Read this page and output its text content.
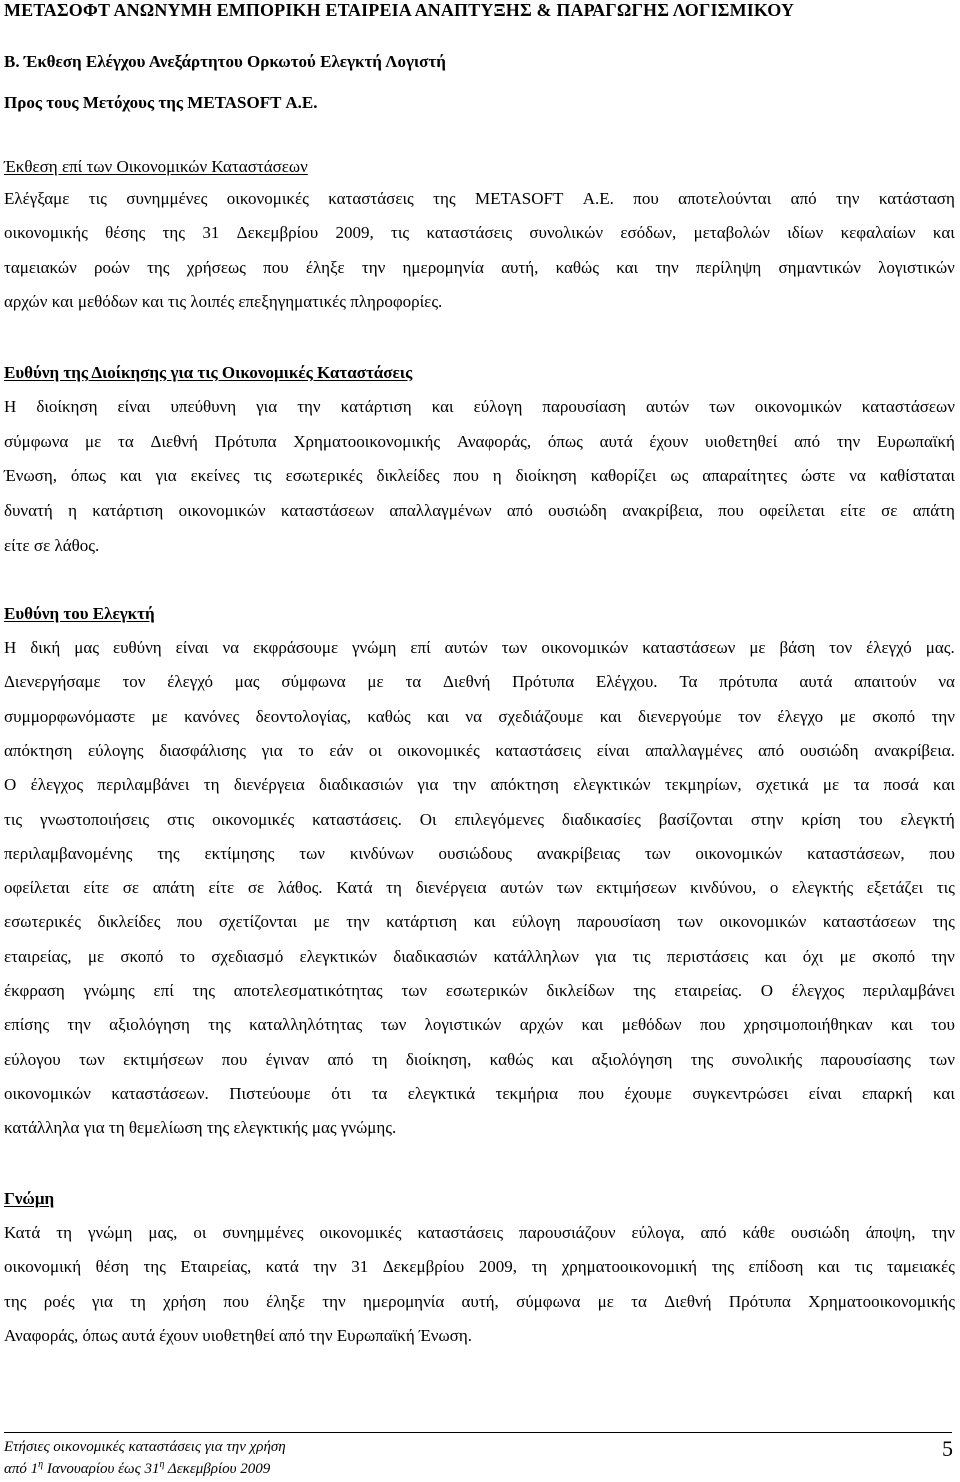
ΜΕΤΑΣΟΦΤ ΑΝΩΝΥΜΗ ΕΜΠΟΡΙΚΗ ΕΤΑΙΡΕΙΑ ΑΝΑΠΤΥΞΗΣ & ΠΑΡΑΓΩΓΗΣ ΛΟΓΙΣΜΙΚΟΥ
Β. Έκθεση Ελέγχου Ανεξάρτητου Ορκωτού Ελεγκτή Λογιστή
Προς τους Μετόχους της METASOFT Α.Ε.
Έκθεση επί των Οικονομικών Καταστάσεων
Ελέγξαμε τις συνημμένες οικονομικές καταστάσεις της METASOFT Α.Ε. που αποτελούνται από την κατάσταση
οικονομικής θέσης της 31 Δεκεμβρίου 2009, τις καταστάσεις συνολικών εσόδων, μεταβολών ιδίων κεφαλαίων και
ταμειακών ροών της χρήσεως που έληξε την ημερομηνία αυτή, καθώς και την περίληψη σημαντικών λογιστικών
αρχών και μεθόδων και τις λοιπές επεξηγηματικές πληροφορίες.
Ευθύνη της Διοίκησης για τις Οικονομικές Καταστάσεις
Η διοίκηση είναι υπεύθυνη για την κατάρτιση και εύλογη παρουσίαση αυτών των οικονομικών καταστάσεων
σύμφωνα με τα Διεθνή Πρότυπα Χρηματοοικονομικής Αναφοράς, όπως αυτά έχουν υιοθετηθεί από την Ευρωπαϊκή
Ένωση, όπως και για εκείνες τις εσωτερικές δικλείδες που η διοίκηση καθορίζει ως απαραίτητες ώστε να καθίσταται
δυνατή η κατάρτιση οικονομικών καταστάσεων απαλλαγμένων από ουσιώδη ανακρίβεια, που οφείλεται είτε σε απάτη
είτε σε λάθος.
Ευθύνη του Ελεγκτή
Η δική μας ευθύνη είναι να εκφράσουμε γνώμη επί αυτών των οικονομικών καταστάσεων με βάση τον έλεγχό μας.
Διενεργήσαμε τον έλεγχό μας σύμφωνα με τα Διεθνή Πρότυπα Ελέγχου. Τα πρότυπα αυτά απαιτούν να
συμμορφωνόμαστε με κανόνες δεοντολογίας, καθώς και να σχεδιάζουμε και διενεργούμε τον έλεγχο με σκοπό την
απόκτηση εύλογης διασφάλισης για το εάν οι οικονομικές καταστάσεις είναι απαλλαγμένες από ουσιώδη ανακρίβεια.
Ο έλεγχος περιλαμβάνει τη διενέργεια διαδικασιών για την απόκτηση ελεγκτικών τεκμηρίων, σχετικά με τα ποσά και
τις γνωστοποιήσεις στις οικονομικές καταστάσεις. Οι επιλεγόμενες διαδικασίες βασίζονται στην κρίση του ελεγκτή
περιλαμβανομένης της εκτίμησης των κινδύνων ουσιώδους ανακρίβειας των οικονομικών καταστάσεων, που
οφείλεται είτε σε απάτη είτε σε λάθος. Κατά τη διενέργεια αυτών των εκτιμήσεων κινδύνου, ο ελεγκτής εξετάζει τις
εσωτερικές δικλείδες που σχετίζονται με την κατάρτιση και εύλογη παρουσίαση των οικονομικών καταστάσεων της
εταιρείας, με σκοπό το σχεδιασμό ελεγκτικών διαδικασιών κατάλληλων για τις περιστάσεις και όχι με σκοπό την
έκφραση γνώμης επί της αποτελεσματικότητας των εσωτερικών δικλείδων της εταιρείας. Ο έλεγχος περιλαμβάνει
επίσης την αξιολόγηση της καταλληλότητας των λογιστικών αρχών και μεθόδων που χρησιμοποιήθηκαν και του
εύλογου των εκτιμήσεων που έγιναν από τη διοίκηση, καθώς και αξιολόγηση της συνολικής παρουσίασης των
οικονομικών καταστάσεων. Πιστεύουμε ότι τα ελεγκτικά τεκμήρια που έχουμε συγκεντρώσει είναι επαρκή και
κατάλληλα για τη θεμελίωση της ελεγκτικής μας γνώμης.
Γνώμη
Κατά τη γνώμη μας, οι συνημμένες οικονομικές καταστάσεις παρουσιάζουν εύλογα, από κάθε ουσιώδη άποψη, την
οικονομική θέση της Εταιρείας, κατά την 31 Δεκεμβρίου 2009, τη χρηματοοικονομική της επίδοση και τις ταμειακές
της ροές για τη χρήση που έληξε την ημερομηνία αυτή, σύμφωνα με τα Διεθνή Πρότυπα Χρηματοοικονομικής
Αναφοράς, όπως αυτά έχουν υιοθετηθεί από την Ευρωπαϊκή Ένωση.
Ετήσιες οικονομικές καταστάσεις για την χρήση
από $1^\eta$ Ιανουαρίου έως $31^\eta$ Δεκεμβρίου 2009
5
